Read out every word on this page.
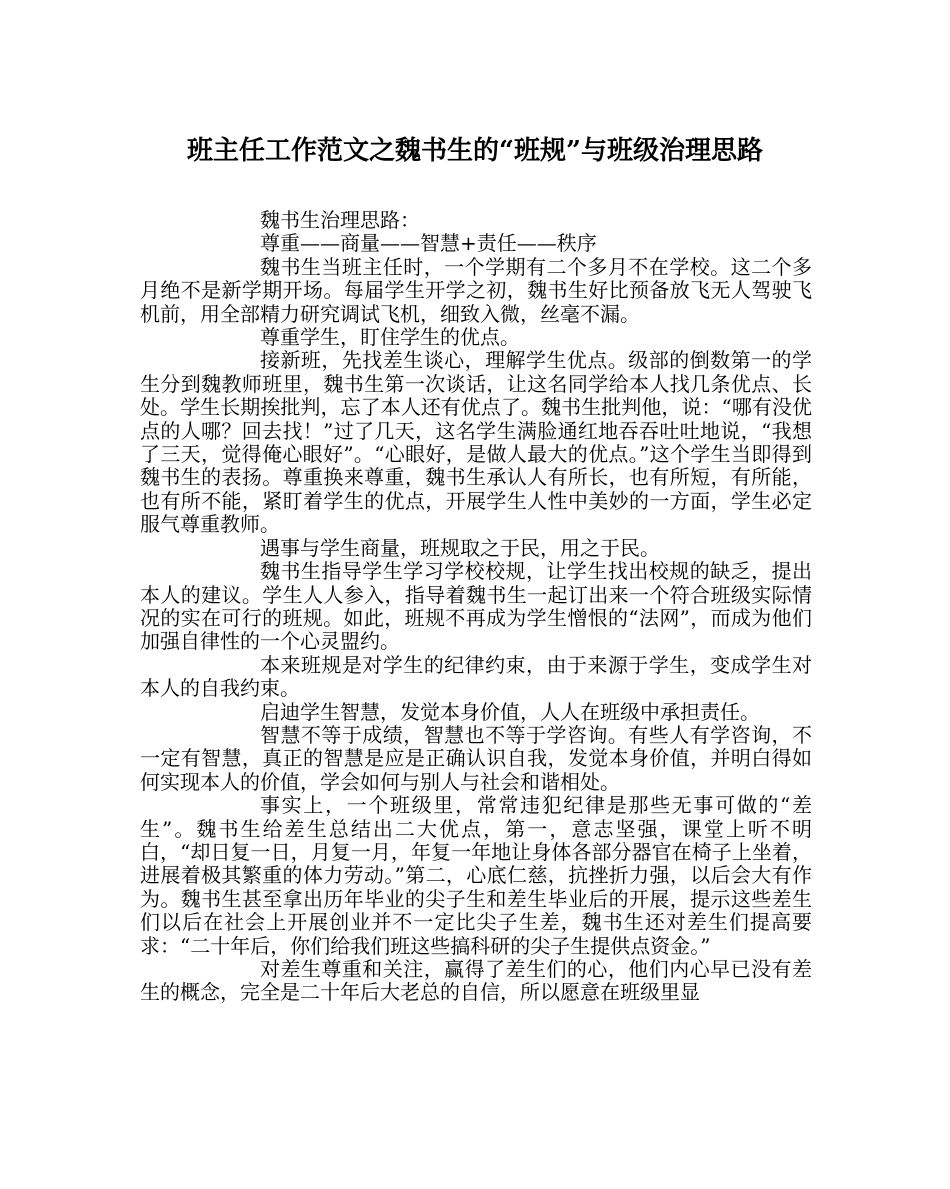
班主任工作范文之魏书生的“班规”与班级治理思路

魏书生治理思路：

尊重——商量——智慧+责任——秩序

魏书生当班主任时，一个学期有二个多月不在学校。这二个多月绝不是新学期开场。每届学生开学之初，魏书生好比预备放飞无人驾驶飞机前，用全部精力研究调试飞机，细致入微，丝毫不漏。

尊重学生，盯住学生的优点。

接新班，先找差生谈心，理解学生优点。级部的倒数第一的学生分到魏教师班里，魏书生第一次谈话，让这名同学给本人找几条优点、长处。学生长期挨批判，忘了本人还有优点了。魏书生批判他，说：“哪有没优点的人哪？回去找！”过了几天，这名学生满脸通红地吞吞吐吐地说，“我想了三天，觉得俺心眼好”。“心眼好，是做人最大的优点。”这个学生当即得到魏书生的表扬。尊重换来尊重，魏书生承认人有所长，也有所短，有所能，也有所不能，紧盯着学生的优点，开展学生人性中美妙的一方面，学生必定服气尊重教师。

遇事与学生商量，班规取之于民，用之于民。

魏书生指导学生学习学校校规，让学生找出校规的缺乏，提出本人的建议。学生人人参入，指导着魏书生一起订出来一个符合班级实际情况的实在可行的班规。如此，班规不再成为学生憎恨的“法网”，而成为他们加强自律性的一个心灵盟约。

本来班规是对学生的纪律约束，由于来源于学生，变成学生对本人的自我约束。

启迪学生智慧，发觉本身价值，人人在班级中承担责任。

智慧不等于成绩，智慧也不等于学咨询。有些人有学咨询，不一定有智慧，真正的智慧是应是正确认识自我，发觉本身价值，并明白得如何实现本人的价值，学会如何与别人与社会和谐相处。

事实上，一个班级里，常常违犯纪律是那些无事可做的“差生”。魏书生给差生总结出二大优点，第一，意志坚强，课堂上听不明白，“却日复一日，月复一月，年复一年地让身体各部分器官在椅子上坐着，进展着极其繁重的体力劳动。”第二，心底仁慈，抗挫折力强，以后会大有作为。魏书生甚至拿出历年毕业的尖子生和差生毕业后的开展，提示这些差生们以后在社会上开展创业并不一定比尖子生差，魏书生还对差生们提高要求：“二十年后，你们给我们班这些搞科研的尖子生提供点资金。”

对差生尊重和关注，赢得了差生们的心，他们内心早已没有差生的概念，完全是二十年后大老总的自信，所以愿意在班级里显
